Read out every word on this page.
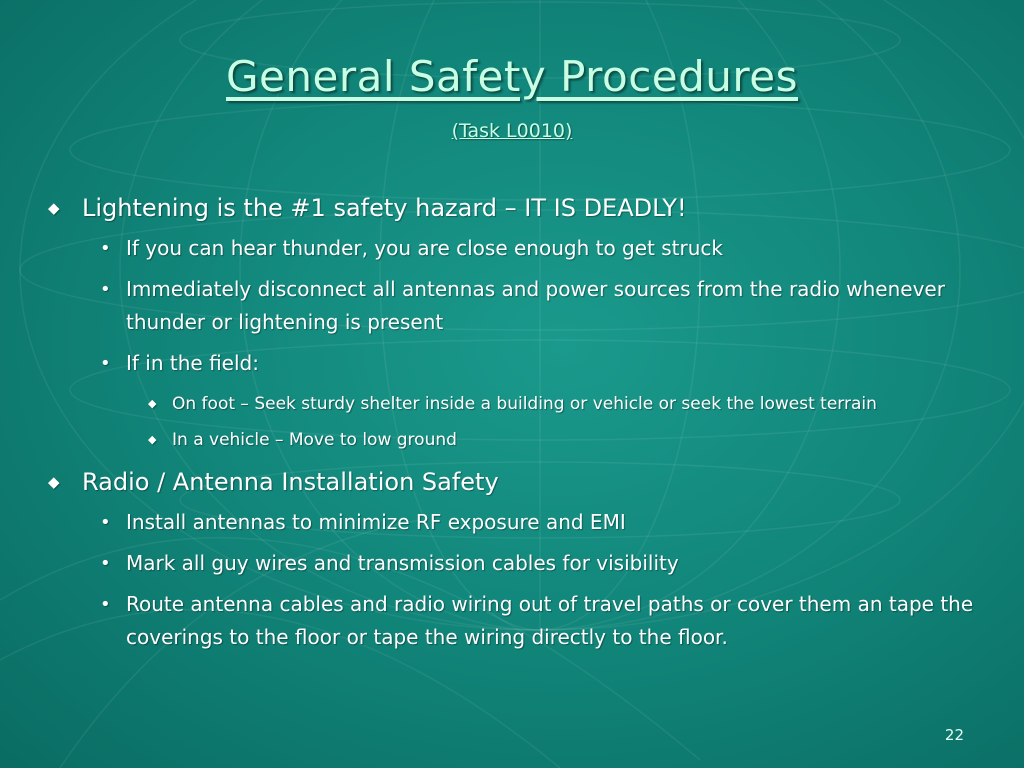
General Safety Procedures
(Task L0010)
◆ Lightening is the #1 safety hazard – IT IS DEADLY!
• If you can hear thunder, you are close enough to get struck
• Immediately disconnect all antennas and power sources from the radio whenever thunder or lightening is present
• If in the field:
◆ On foot – Seek sturdy shelter inside a building or vehicle or seek the lowest terrain
◆ In a vehicle – Move to low ground
◆ Radio / Antenna Installation Safety
• Install antennas to minimize RF exposure and EMI
• Mark all guy wires and transmission cables for visibility
• Route antenna cables and radio wiring out of travel paths or cover them an tape the coverings to the floor or tape the wiring directly to the floor.
22
